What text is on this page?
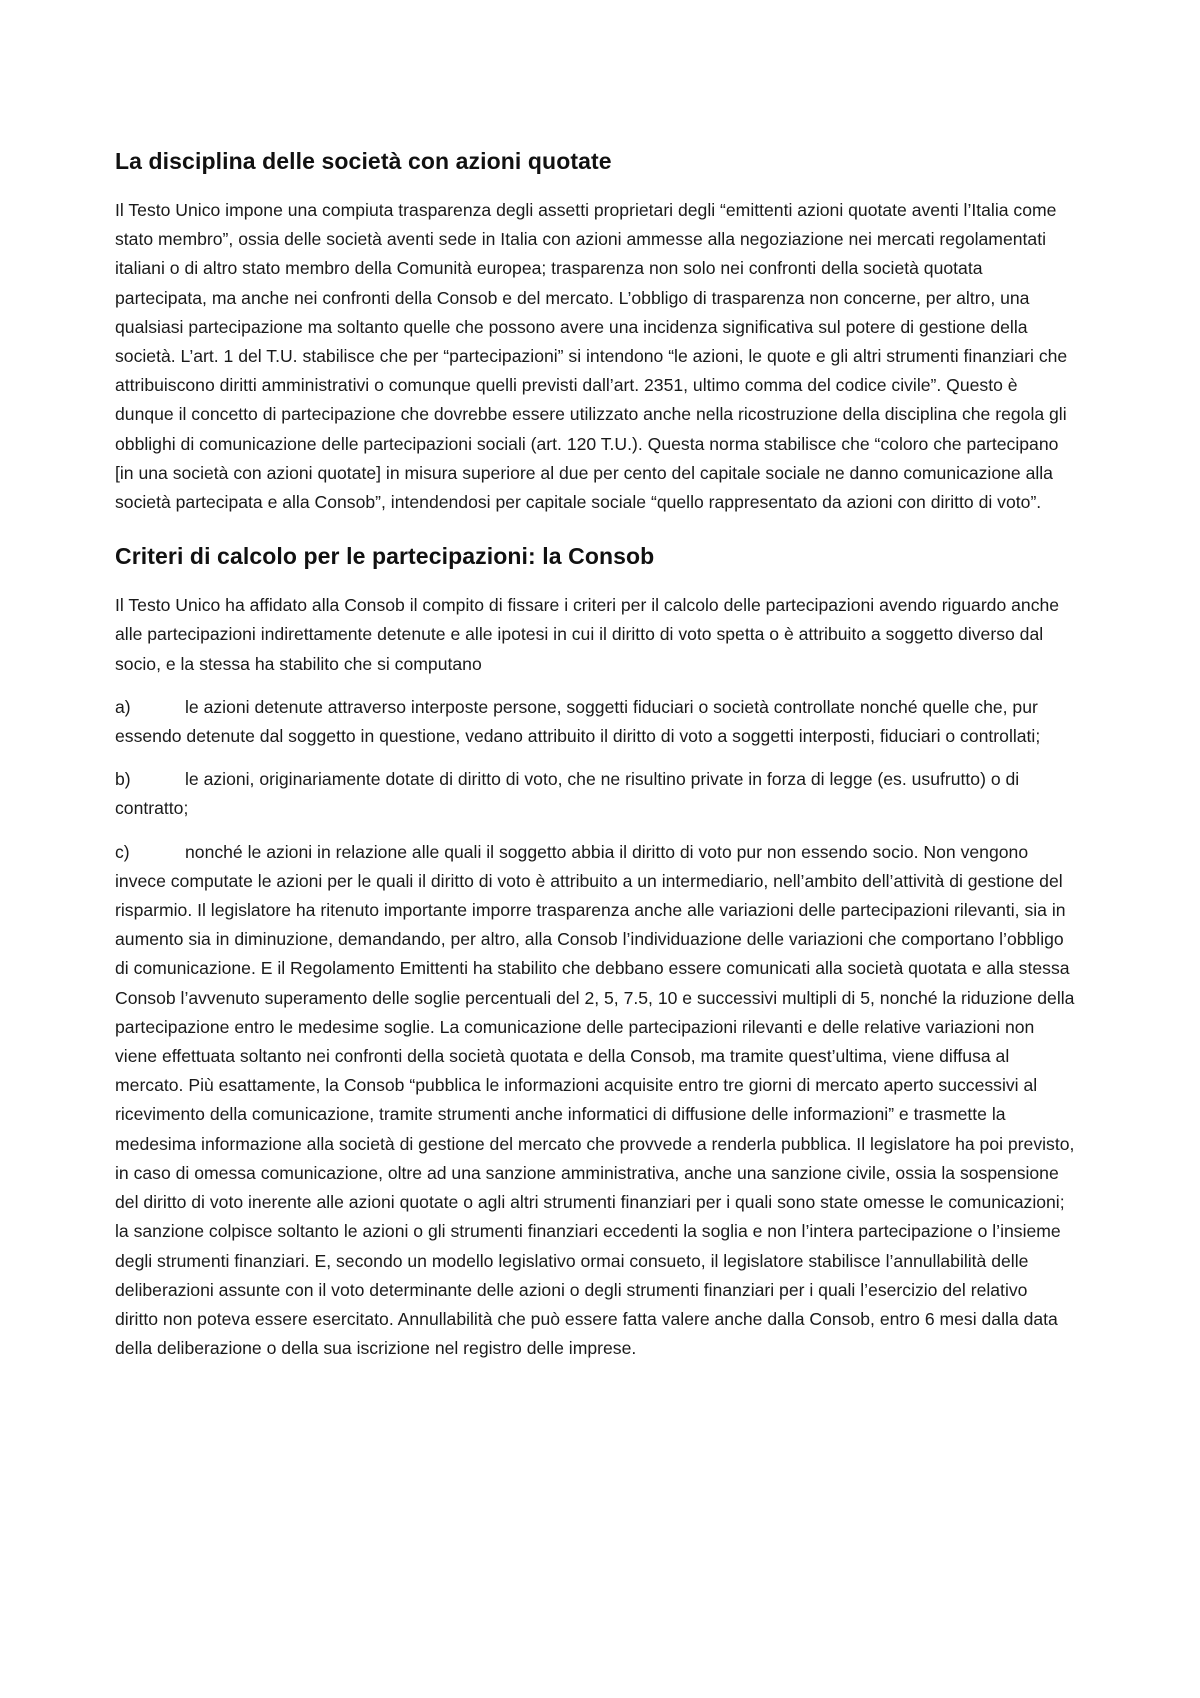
La disciplina delle società con azioni quotate

Il Testo Unico impone una compiuta trasparenza degli assetti proprietari degli “emittenti azioni quotate aventi l’Italia come stato membro”, ossia delle società aventi sede in Italia con azioni ammesse alla negoziazione nei mercati regolamentati italiani o di altro stato membro della Comunità europea; trasparenza non solo nei confronti della società quotata partecipata, ma anche nei confronti della Consob e del mercato. L’obbligo di trasparenza non concerne, per altro, una qualsiasi partecipazione ma soltanto quelle che possono avere una incidenza significativa sul potere di gestione della società. L’art. 1 del T.U. stabilisce che per “partecipazioni” si intendono “le azioni, le quote e gli altri strumenti finanziari che attribuiscono diritti amministrativi o comunque quelli previsti dall’art. 2351, ultimo comma del codice civile”. Questo è dunque il concetto di partecipazione che dovrebbe essere utilizzato anche nella ricostruzione della disciplina che regola gli obblighi di comunicazione delle partecipazioni sociali (art. 120 T.U.). Questa norma stabilisce che “coloro che partecipano [in una società con azioni quotate] in misura superiore al due per cento del capitale sociale ne danno comunicazione alla società partecipata e alla Consob”, intendendosi per capitale sociale “quello rappresentato da azioni con diritto di voto”.

Criteri di calcolo per le partecipazioni: la Consob

Il Testo Unico ha affidato alla Consob il compito di fissare i criteri per il calcolo delle partecipazioni avendo riguardo anche alle partecipazioni indirettamente detenute e alle ipotesi in cui il diritto di voto spetta o è attribuito a soggetto diverso dal socio, e la stessa ha stabilito che si computano

a)	le azioni detenute attraverso interposte persone, soggetti fiduciari o società controllate nonché quelle che, pur essendo detenute dal soggetto in questione, vedano attribuito il diritto di voto a soggetti interposti, fiduciari o controllati;

b)	le azioni, originariamente dotate di diritto di voto, che ne risultino private in forza di legge (es. usufrutto) o di contratto;

c)	nonché le azioni in relazione alle quali il soggetto abbia il diritto di voto pur non essendo socio. Non vengono invece computate le azioni per le quali il diritto di voto è attribuito a un intermediario, nell’ambito dell’attività di gestione del risparmio. Il legislatore ha ritenuto importante imporre trasparenza anche alle variazioni delle partecipazioni rilevanti, sia in aumento sia in diminuzione, demandando, per altro, alla Consob l’individuazione delle variazioni che comportano l’obbligo di comunicazione. E il Regolamento Emittenti ha stabilito che debbano essere comunicati alla società quotata e alla stessa Consob l’avvenuto superamento delle soglie percentuali del 2, 5, 7.5, 10 e successivi multipli di 5, nonché la riduzione della partecipazione entro le medesime soglie. La comunicazione delle partecipazioni rilevanti e delle relative variazioni non viene effettuata soltanto nei confronti della società quotata e della Consob, ma tramite quest’ultima, viene diffusa al mercato. Più esattamente, la Consob “pubblica le informazioni acquisite entro tre giorni di mercato aperto successivi al ricevimento della comunicazione, tramite strumenti anche informatici di diffusione delle informazioni” e trasmette la medesima informazione alla società di gestione del mercato che provvede a renderla pubblica. Il legislatore ha poi previsto, in caso di omessa comunicazione, oltre ad una sanzione amministrativa, anche una sanzione civile, ossia la sospensione del diritto di voto inerente alle azioni quotate o agli altri strumenti finanziari per i quali sono state omesse le comunicazioni; la sanzione colpisce soltanto le azioni o gli strumenti finanziari eccedenti la soglia e non l’intera partecipazione o l’insieme degli strumenti finanziari. E, secondo un modello legislativo ormai consueto, il legislatore stabilisce l’annullabilità delle deliberazioni assunte con il voto determinante delle azioni o degli strumenti finanziari per i quali l’esercizio del relativo diritto non poteva essere esercitato. Annullabilità che può essere fatta valere anche dalla Consob, entro 6 mesi dalla data della deliberazione o della sua iscrizione nel registro delle imprese.
